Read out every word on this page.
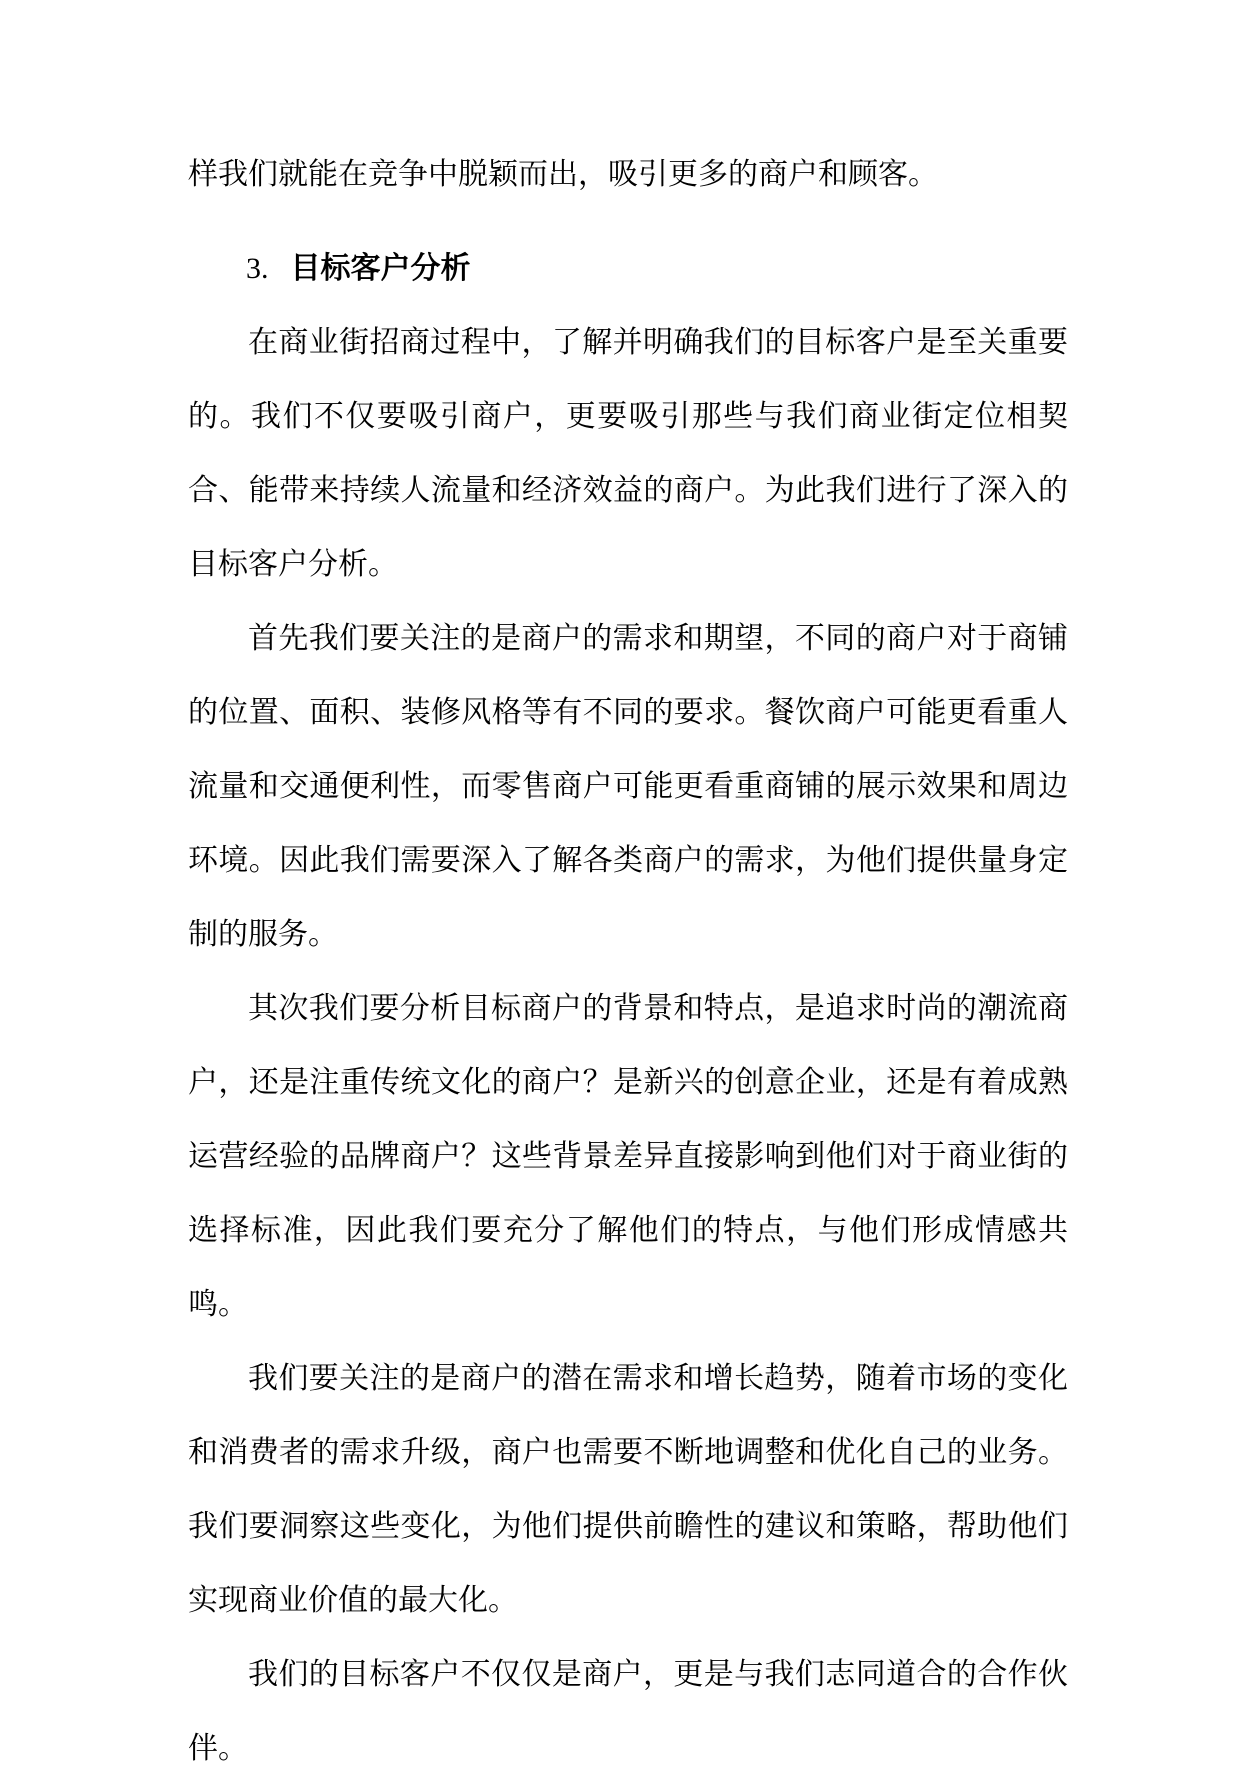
样我们就能在竞争中脱颖而出，吸引更多的商户和顾客。

3. 目标客户分析

在商业街招商过程中，了解并明确我们的目标客户是至关重要的。我们不仅要吸引商户，更要吸引那些与我们商业街定位相契合、能带来持续人流量和经济效益的商户。为此我们进行了深入的目标客户分析。

首先我们要关注的是商户的需求和期望，不同的商户对于商铺的位置、面积、装修风格等有不同的要求。餐饮商户可能更看重人流量和交通便利性，而零售商户可能更看重商铺的展示效果和周边环境。因此我们需要深入了解各类商户的需求，为他们提供量身定制的服务。

其次我们要分析目标商户的背景和特点，是追求时尚的潮流商户，还是注重传统文化的商户？是新兴的创意企业，还是有着成熟运营经验的品牌商户？这些背景差异直接影响到他们对于商业街的选择标准，因此我们要充分了解他们的特点，与他们形成情感共鸣。

我们要关注的是商户的潜在需求和增长趋势，随着市场的变化和消费者的需求升级，商户也需要不断地调整和优化自己的业务。我们要洞察这些变化，为他们提供前瞻性的建议和策略，帮助他们实现商业价值的最大化。

我们的目标客户不仅仅是商户，更是与我们志同道合的合作伙伴。
